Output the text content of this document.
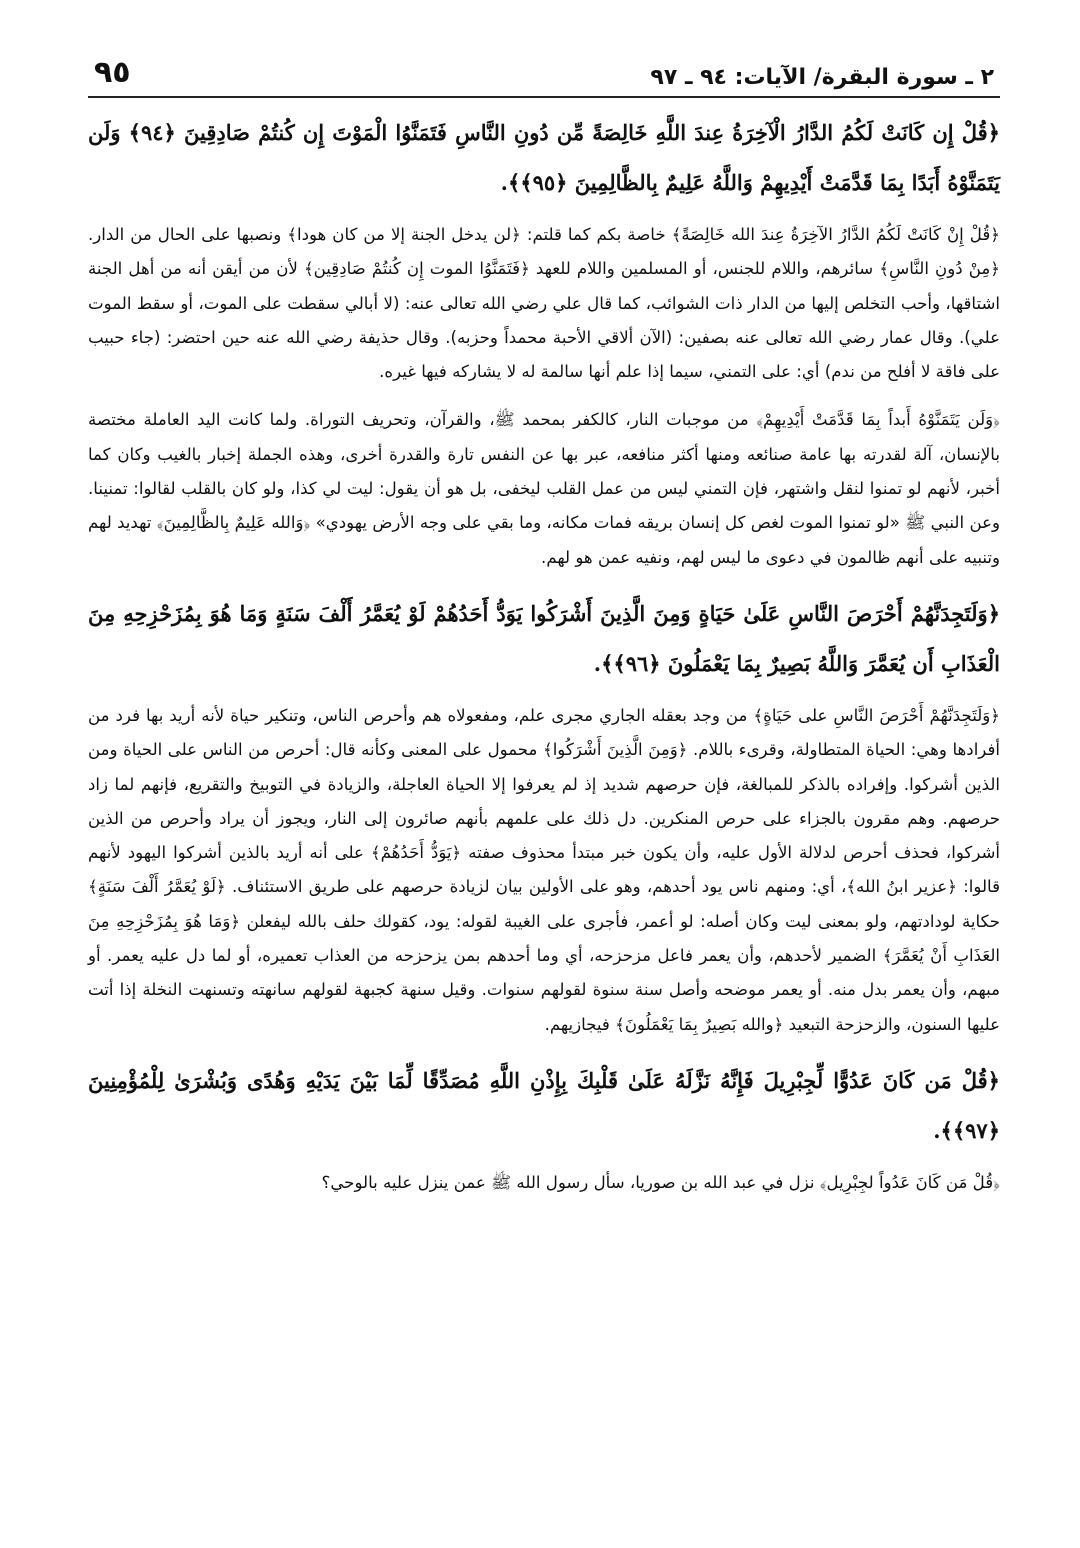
٢ ـ سورة البقرة/ الآيات: ٩٤ ـ ٩٧
٩٥

﴿قُلْ إِن كَانَتْ لَكُمُ الدَّارُ الْآخِرَةُ عِندَ اللَّهِ خَالِصَةً مِّن دُونِ النَّاسِ فَتَمَنَّوُا الْمَوْتَ إِن كُنتُمْ صَادِقِينَ ﴿٩٤﴾ وَلَن يَتَمَنَّوْهُ أَبَدًا بِمَا قَدَّمَتْ أَيْدِيهِمْ وَاللَّهُ عَلِيمٌ بِالظَّالِمِينَ ﴿٩٥﴾﴾.

﴿قُلْ إِنْ كَانَتْ لَكُمُ الدَّارُ الآخِرَةُ عِندَ الله خَالِصَةً﴾ خاصة بكم كما قلتم: ﴿لن يدخل الجنة إلا من كان هودا﴾ ونصبها على الحال من الدار. ﴿مِنْ دُونِ النَّاسِ﴾ سائرهم، واللام للجنس، أو المسلمين واللام للعهد ﴿فَتَمَنَّوُا الموت إِن كُنتُمْ صَادِقِين﴾ لأن من أيقن أنه من أهل الجنة اشتاقها، وأحب التخلص إليها من الدار ذات الشوائب، كما قال علي رضي الله تعالى عنه: (لا أبالي سقطت على الموت، أو سقط الموت علي). وقال عمار رضي الله تعالى عنه بصفين: (الآن ألاقي الأحبة محمداً وحزبه). وقال حذيفة رضي الله عنه حين احتضر: (جاء حبيب على فاقة لا أفلح من ندم) أي: على التمني، سيما إذا علم أنها سالمة له لا يشاركه فيها غيره.

﴿وَلَن يَتَمَنَّوْهُ أَبداً بِمَا قَدَّمَتْ أَيْدِيهِمْ﴾ من موجبات النار، كالكفر بمحمد ﷺ، والقرآن، وتحريف التوراة. ولما كانت اليد العاملة مختصة بالإنسان، آلة لقدرته بها عامة صنائعه ومنها أكثر منافعه، عبر بها عن النفس تارة والقدرة أخرى، وهذه الجملة إخبار بالغيب وكان كما أخبر، لأنهم لو تمنوا لنقل واشتهر، فإن التمني ليس من عمل القلب ليخفى، بل هو أن يقول: ليت لي كذا، ولو كان بالقلب لقالوا: تمنينا. وعن النبي ﷺ «لو تمنوا الموت لغص كل إنسان بريقه فمات مكانه، وما بقي على وجه الأرض يهودي» ﴿وَالله عَلِيمٌ بِالظَّالِمِينَ﴾ تهديد لهم وتنبيه على أنهم ظالمون في دعوى ما ليس لهم، ونفيه عمن هو لهم.

﴿وَلَتَجِدَنَّهُمْ أَحْرَصَ النَّاسِ عَلَىٰ حَيَاةٍ وَمِنَ الَّذِينَ أَشْرَكُوا يَوَدُّ أَحَدُهُمْ لَوْ يُعَمَّرُ أَلْفَ سَنَةٍ وَمَا هُوَ بِمُزَحْزِحِهِ مِنَ الْعَذَابِ أَن يُعَمَّرَ وَاللَّهُ بَصِيرٌ بِمَا يَعْمَلُونَ ﴿٩٦﴾﴾.

﴿وَلَتَجِدَنَّهُمْ أَحْرَصَ النَّاسِ على حَيَاةٍ﴾ من وجد بعقله الجاري مجرى علم، ومفعولاه هم وأحرص الناس، وتنكير حياة لأنه أريد بها فرد من أفرادها وهي: الحياة المتطاولة، وقرىء باللام. ﴿وَمِنَ الَّذِينَ أَشْرَكُوا﴾ محمول على المعنى وكأنه قال: أحرص من الناس على الحياة ومن الذين أشركوا. وإفراده بالذكر للمبالغة، فإن حرصهم شديد إذ لم يعرفوا إلا الحياة العاجلة، والزيادة في التوبيخ والتقريع، فإنهم لما زاد حرصهم. وهم مقرون بالجزاء على حرص المنكرين. دل ذلك على علمهم بأنهم صائرون إلى النار، ويجوز أن يراد وأحرص من الذين أشركوا، فحذف أحرص لدلالة الأول عليه، وأن يكون خبر مبتدأ محذوف صفته ﴿يَوَدُّ أَحَدُهُمْ﴾ على أنه أريد بالذين أشركوا اليهود لأنهم قالوا: ﴿عزير ابنُ الله﴾، أي: ومنهم ناس يود أحدهم، وهو على الأولين بيان لزيادة حرصهم على طريق الاستئناف. ﴿لَوْ يُعَمَّرُ أَلْفَ سَنَةٍ﴾ حكاية لودادتهم، ولو بمعنى ليت وكان أصله: لو أعمر، فأجرى على الغيبة لقوله: يود، كقولك حلف بالله ليفعلن ﴿وَمَا هُوَ بِمُزَحْزِحِهِ مِنَ العَذَابِ أَنْ يُعَمَّرَ﴾ الضمير لأحدهم، وأن يعمر فاعل مزحزحه، أي وما أحدهم بمن يزحزحه من العذاب تعميره، أو لما دل عليه يعمر. أو مبهم، وأن يعمر بدل منه. أو يعمر موضحه وأصل سنة سنوة لقولهم سنوات. وقيل سنهة كجبهة لقولهم سانهته وتسنهت النخلة إذا أتت عليها السنون، والزحزحة التبعيد ﴿والله بَصِيرٌ بِمَا يَعْمَلُونَ﴾ فيجازيهم.

﴿قُلْ مَن كَانَ عَدُوًّا لِّجِبْرِيلَ فَإِنَّهُ نَزَّلَهُ عَلَىٰ قَلْبِكَ بِإِذْنِ اللَّهِ مُصَدِّقًا لِّمَا بَيْنَ يَدَيْهِ وَهُدًى وَبُشْرَىٰ لِلْمُؤْمِنِينَ ﴿٩٧﴾﴾.

﴿قُلْ مَن كَانَ عَدُواً لجِبْرِيل﴾ نزل في عبد الله بن صوريا، سأل رسول الله ﷺ عمن ينزل عليه بالوحي؟
